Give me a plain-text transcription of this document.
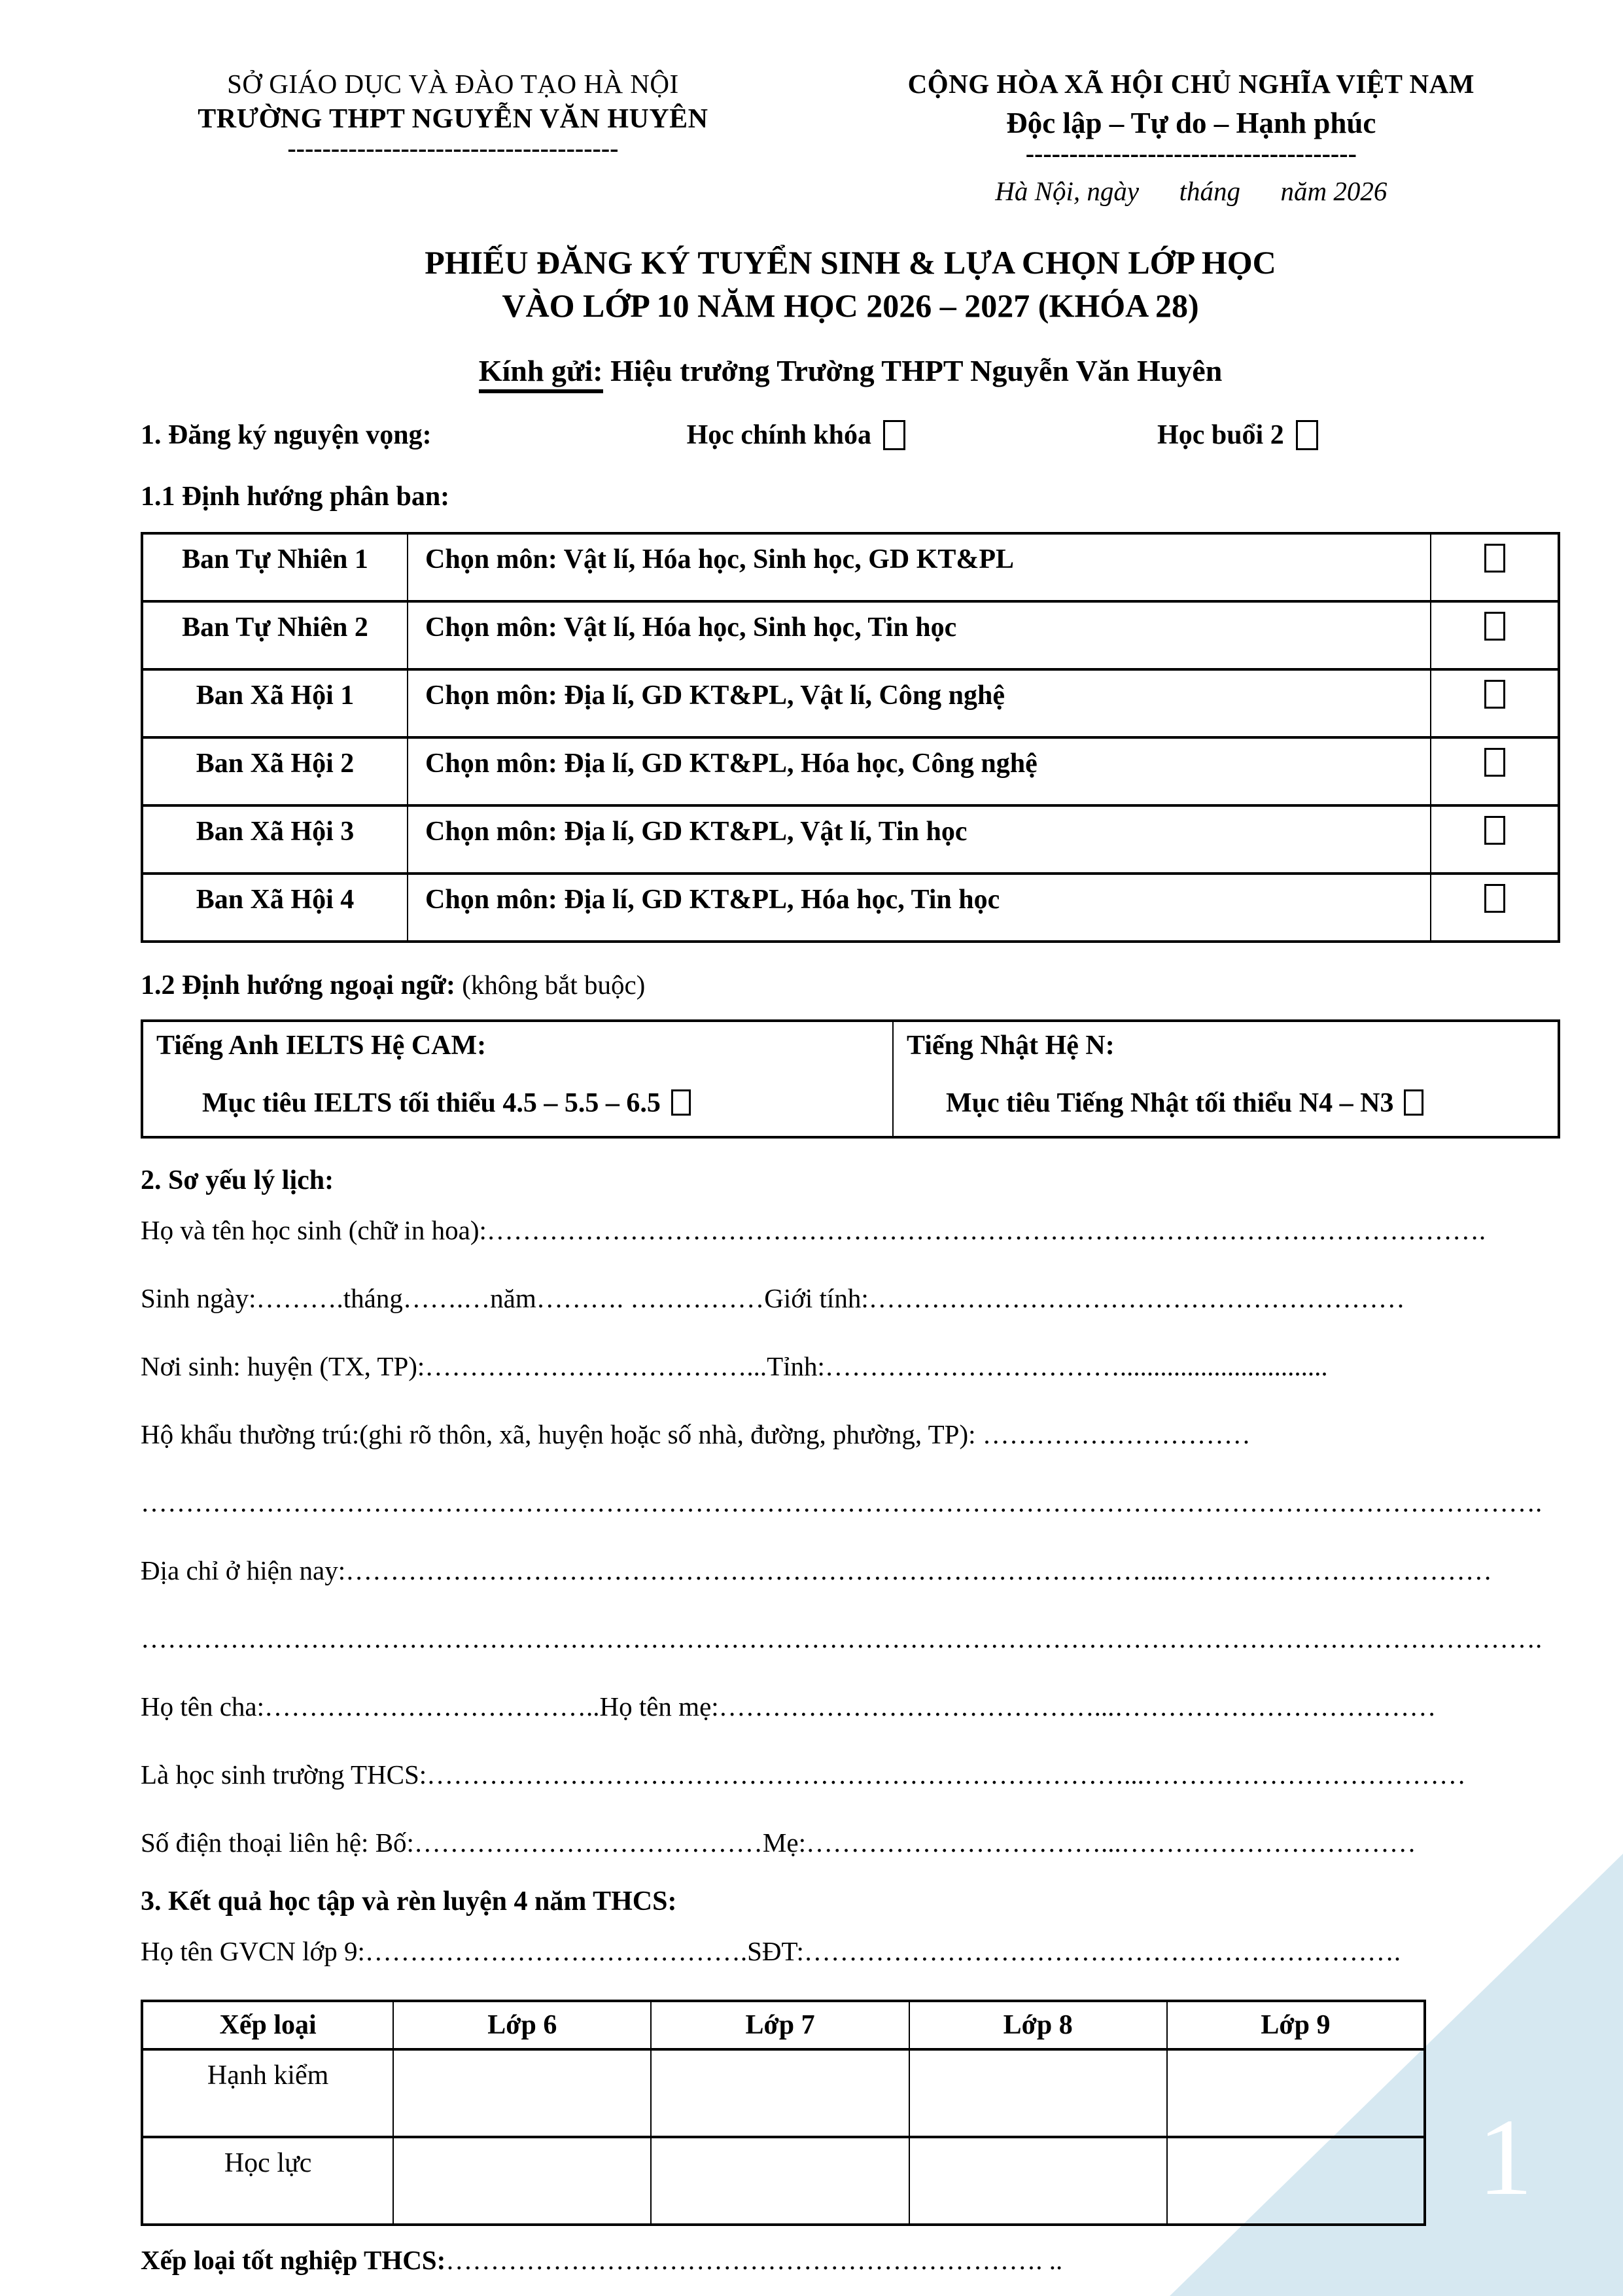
SỞ GIÁO DỤC VÀ ĐÀO TẠO HÀ NỘI
TRƯỜNG THPT NGUYỄN VĂN HUYÊN
--------------------------------------
CỘNG HÒA XÃ HỘI CHỦ NGHĨA VIỆT NAM
Độc lập – Tự do – Hạnh phúc
--------------------------------------
Hà Nội, ngày      tháng      năm 2026
PHIẾU ĐĂNG KÝ TUYỂN SINH & LỰA CHỌN LỚP HỌC
VÀO LỚP 10 NĂM HỌC 2026 – 2027 (KHÓA 28)
Kính gửi: Hiệu trưởng Trường THPT Nguyễn Văn Huyên
1. Đăng ký nguyện vọng:	Học chính khóa	Học buổi 2
1.1 Định hướng phân ban:
Ban Tự Nhiên 1	Chọn môn: Vật lí, Hóa học, Sinh học, GD KT&PL	
Ban Tự Nhiên 2	Chọn môn: Vật lí, Hóa học, Sinh học, Tin học	
Ban Xã Hội 1	Chọn môn: Địa lí, GD KT&PL, Vật lí, Công nghệ	
Ban Xã Hội 2	Chọn môn: Địa lí, GD KT&PL, Hóa học, Công nghệ	
Ban Xã Hội 3	Chọn môn: Địa lí, GD KT&PL, Vật lí, Tin học	
Ban Xã Hội 4	Chọn môn: Địa lí, GD KT&PL, Hóa học, Tin học	
1.2 Định hướng ngoại ngữ: (không bắt buộc)
Tiếng Anh IELTS Hệ CAM:
Mục tiêu IELTS tối thiểu 4.5 – 5.5 – 6.5

Tiếng Nhật Hệ N:
Mục tiêu Tiếng Nhật tối thiểu N4 – N3
2. Sơ yếu lý lịch:
Họ và tên học sinh (chữ in hoa):………………………………………………………………………………………………….
Sinh ngày:……….tháng…….…năm………. ……………Giới tính:……………………………………………………
Nơi sinh: huyện (TX, TP):………………………………...Tỉnh:……………………………...............................
Hộ khẩu thường trú:(ghi rõ thôn, xã, huyện hoặc số nhà, đường, phường, TP): …………………………
………………………………………………………………………………………………………………………………………….
Địa chỉ ở hiện nay:………………………………………………………………………………...………………………………
………………………………………………………………………………………………………………………………………….
Họ tên cha:………………………………..Họ tên mẹ:……………………………………...………………………………
Là học sinh trường THCS:……………………………………………………………………...………………………………
Số điện thoại liên hệ: Bố:…………………………………Mẹ:……………………………...……………………………
3. Kết quả học tập và rèn luyện 4 năm THCS:
Họ tên GVCN lớp 9:…………………………………….SĐT:………………………………………………………….
Xếp loại	Lớp 6	Lớp 7	Lớp 8	Lớp 9
Hạnh kiểm				
Học lực				
Xếp loại tốt nghiệp THCS:…………………………………………………………. ..
1
